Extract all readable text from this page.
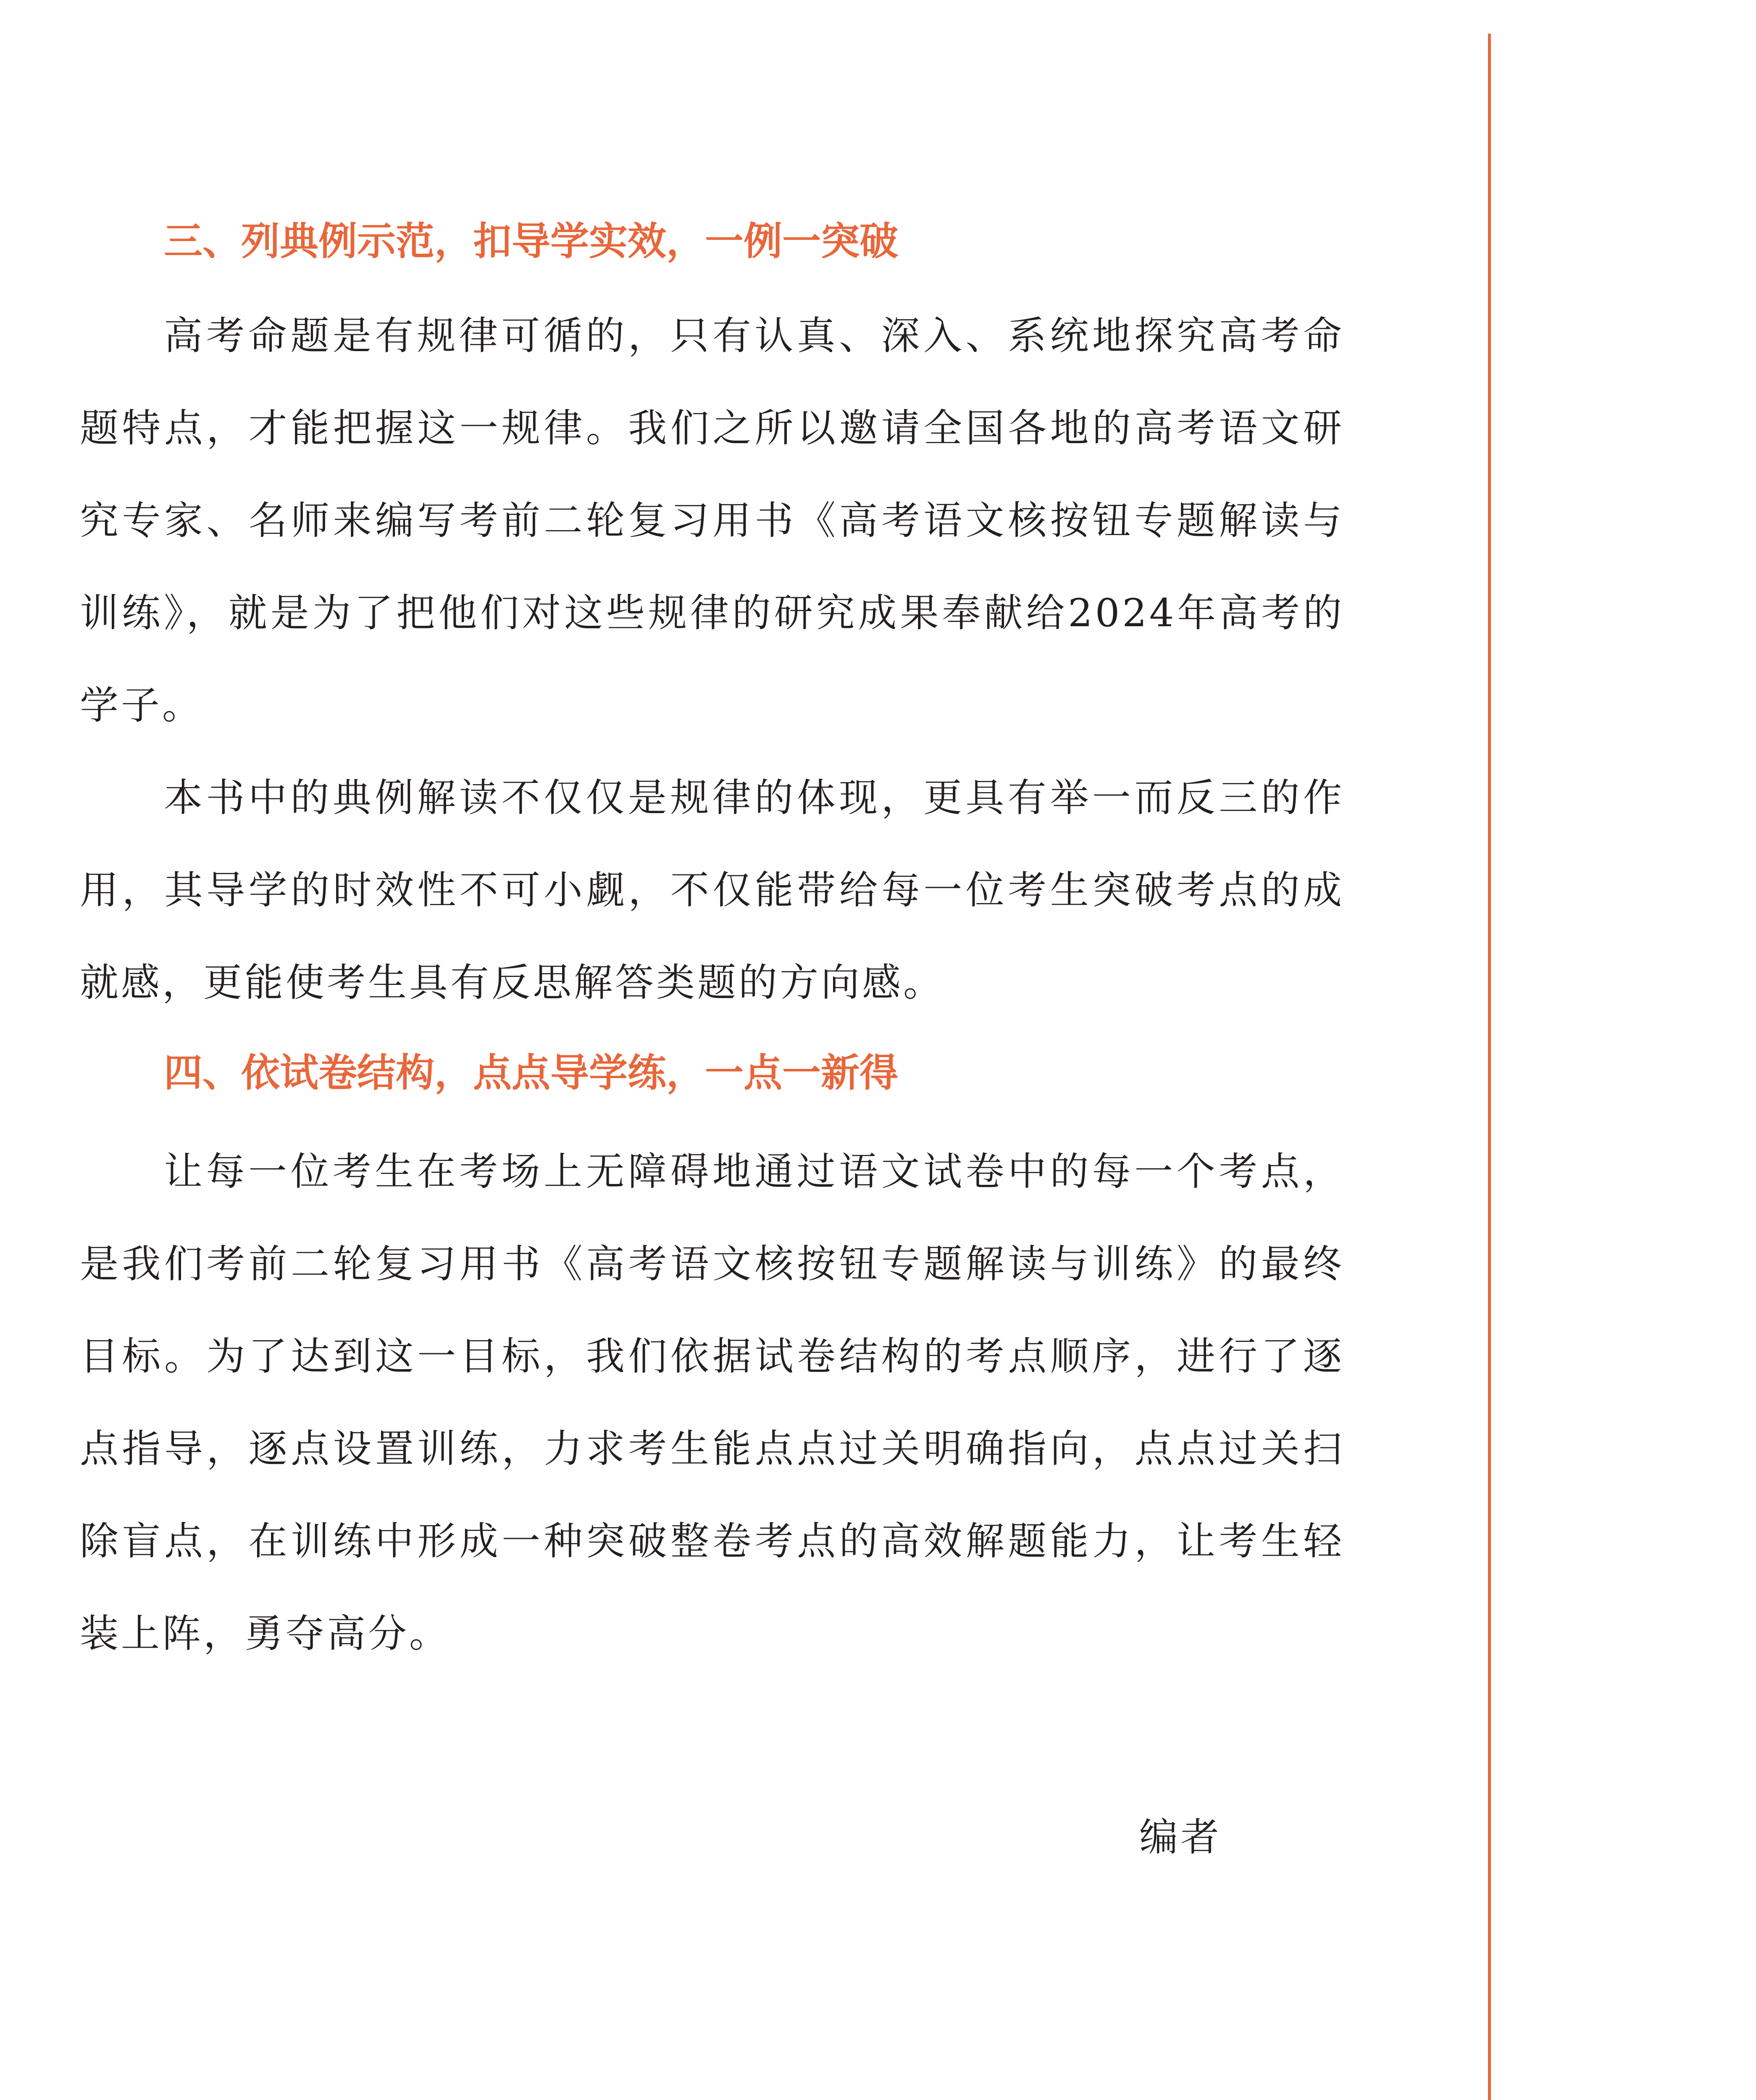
三、列典例示范，扣导学实效，一例一突破

高考命题是有规律可循的，只有认真、深入、系统地探究高考命题特点，才能把握这一规律。我们之所以邀请全国各地的高考语文研究专家、名师来编写考前二轮复习用书《高考语文核按钮专题解读与训练》，就是为了把他们对这些规律的研究成果奉献给2024年高考的学子。

本书中的典例解读不仅仅是规律的体现，更具有举一而反三的作用，其导学的时效性不可小觑，不仅能带给每一位考生突破考点的成就感，更能使考生具有反思解答类题的方向感。

四、依试卷结构，点点导学练，一点一新得

让每一位考生在考场上无障碍地通过语文试卷中的每一个考点，是我们考前二轮复习用书《高考语文核按钮专题解读与训练》的最终目标。为了达到这一目标，我们依据试卷结构的考点顺序，进行了逐点指导，逐点设置训练，力求考生能点点过关明确指向，点点过关扫除盲点，在训练中形成一种突破整卷考点的高效解题能力，让考生轻装上阵，勇夺高分。

编者
